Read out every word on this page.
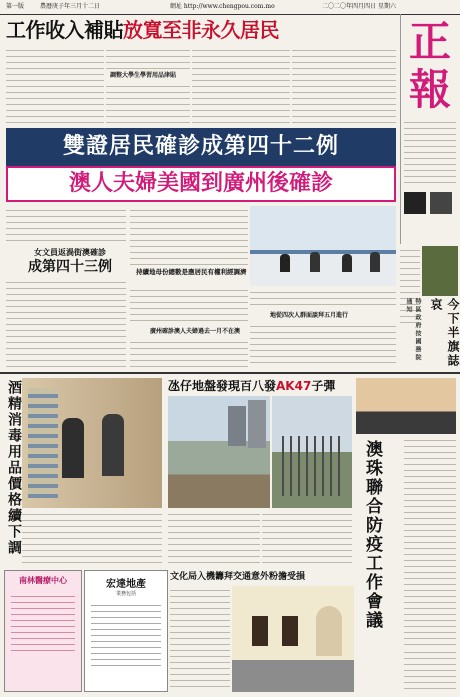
第一版	農曆庚子年三月十二日	網址 http://www.chengpou.com.mo	二〇二〇年四月四日 星期六
工作收入補貼放寬至非永久居民
調整大學生學習用品津貼
正報
雙證居民確診成第四十二例
澳人夫婦美國到廣州後確診
女文員返渦街澳確診
成第四十三例	持續地母份總數是應居民有權利經調濟
廣州確診澳人夫婦過去一月不在澳
地從四次人群面談拜五月進行	今下半旗誌哀
特區政府按國務院通知
酒精消毒用品價格續下調	氹仔地盤發現百八發AK47子彈
澳珠聯合防疫工作會議
文化局入機籌拜交通意外粉擔受損
南林醫療中心	宏達地產
業務包括
